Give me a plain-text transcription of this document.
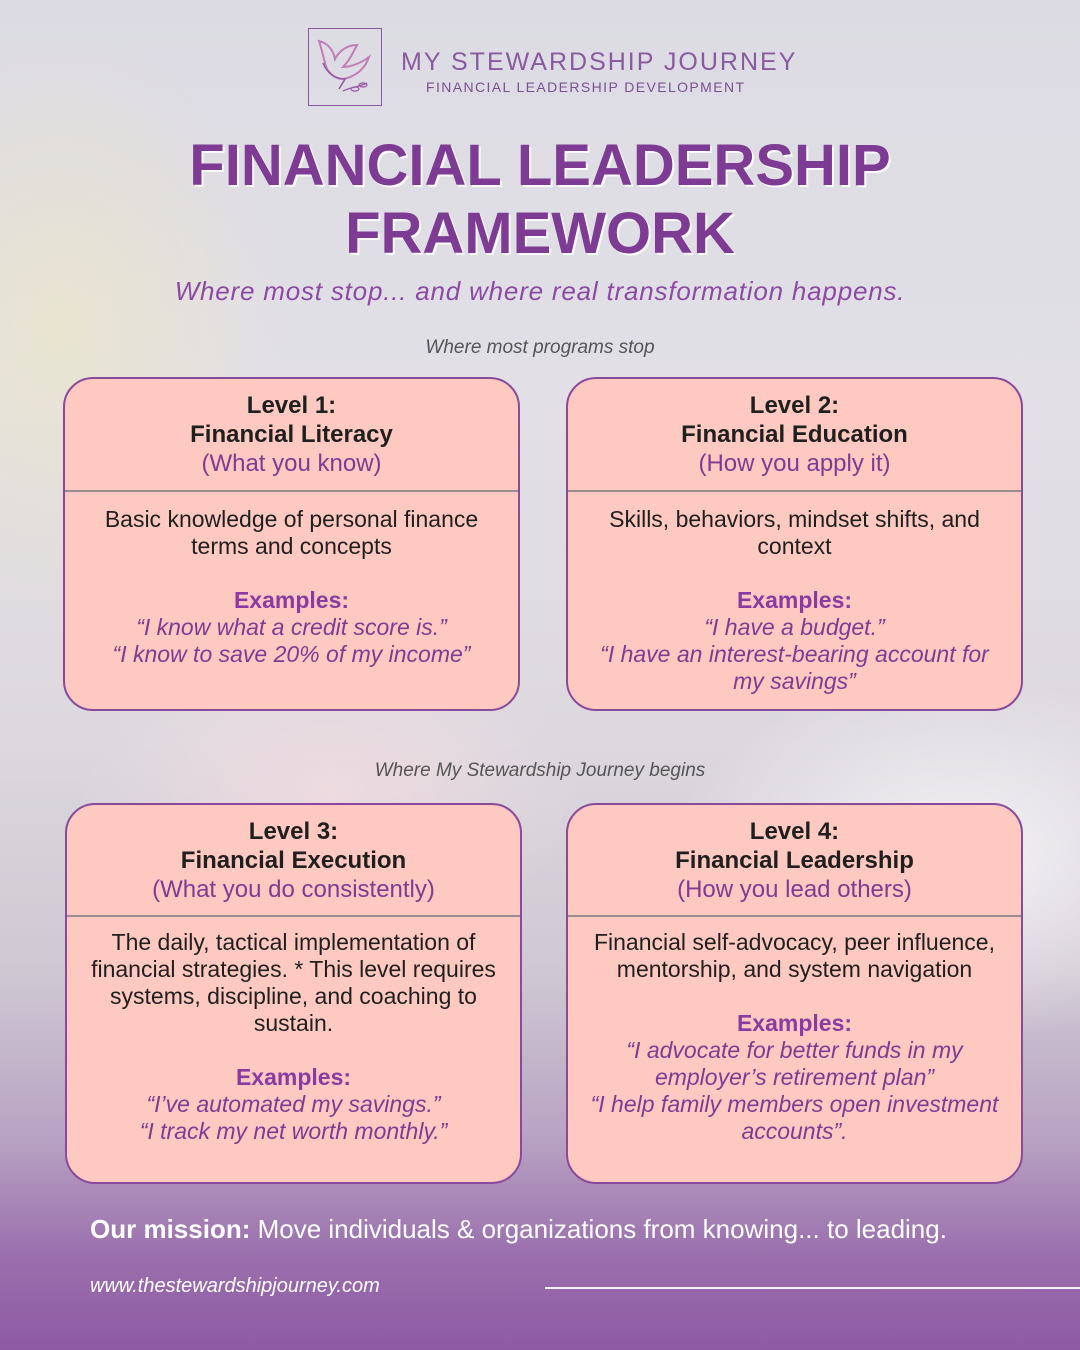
MY STEWARDSHIP JOURNEY
FINANCIAL LEADERSHIP DEVELOPMENT
FINANCIAL LEADERSHIP
FRAMEWORK
Where most stop... and where real transformation happens.
Where most programs stop
Where My Stewardship Journey begins
Level 1:
Financial Literacy
(What you know)
Basic knowledge of personal finance terms and concepts
Examples:
“I know what a credit score is.”
“I know to save 20% of my income”
Level 2:
Financial Education
(How you apply it)
Skills, behaviors, mindset shifts, and context
Examples:
“I have a budget.”
“I have an interest-bearing account for my savings”
Level 3:
Financial Execution
(What you do consistently)
The daily, tactical implementation of financial strategies. * This level requires systems, discipline, and coaching to sustain.
Examples:
“I’ve automated my savings.”
“I track my net worth monthly.”
Level 4:
Financial Leadership
(How you lead others)
Financial self-advocacy, peer influence, mentorship, and system navigation
Examples:
“I advocate for better funds in my employer’s retirement plan”
“I help family members open investment accounts”.
Our mission: Move individuals & organizations from knowing... to leading.
www.thestewardshipjourney.com
